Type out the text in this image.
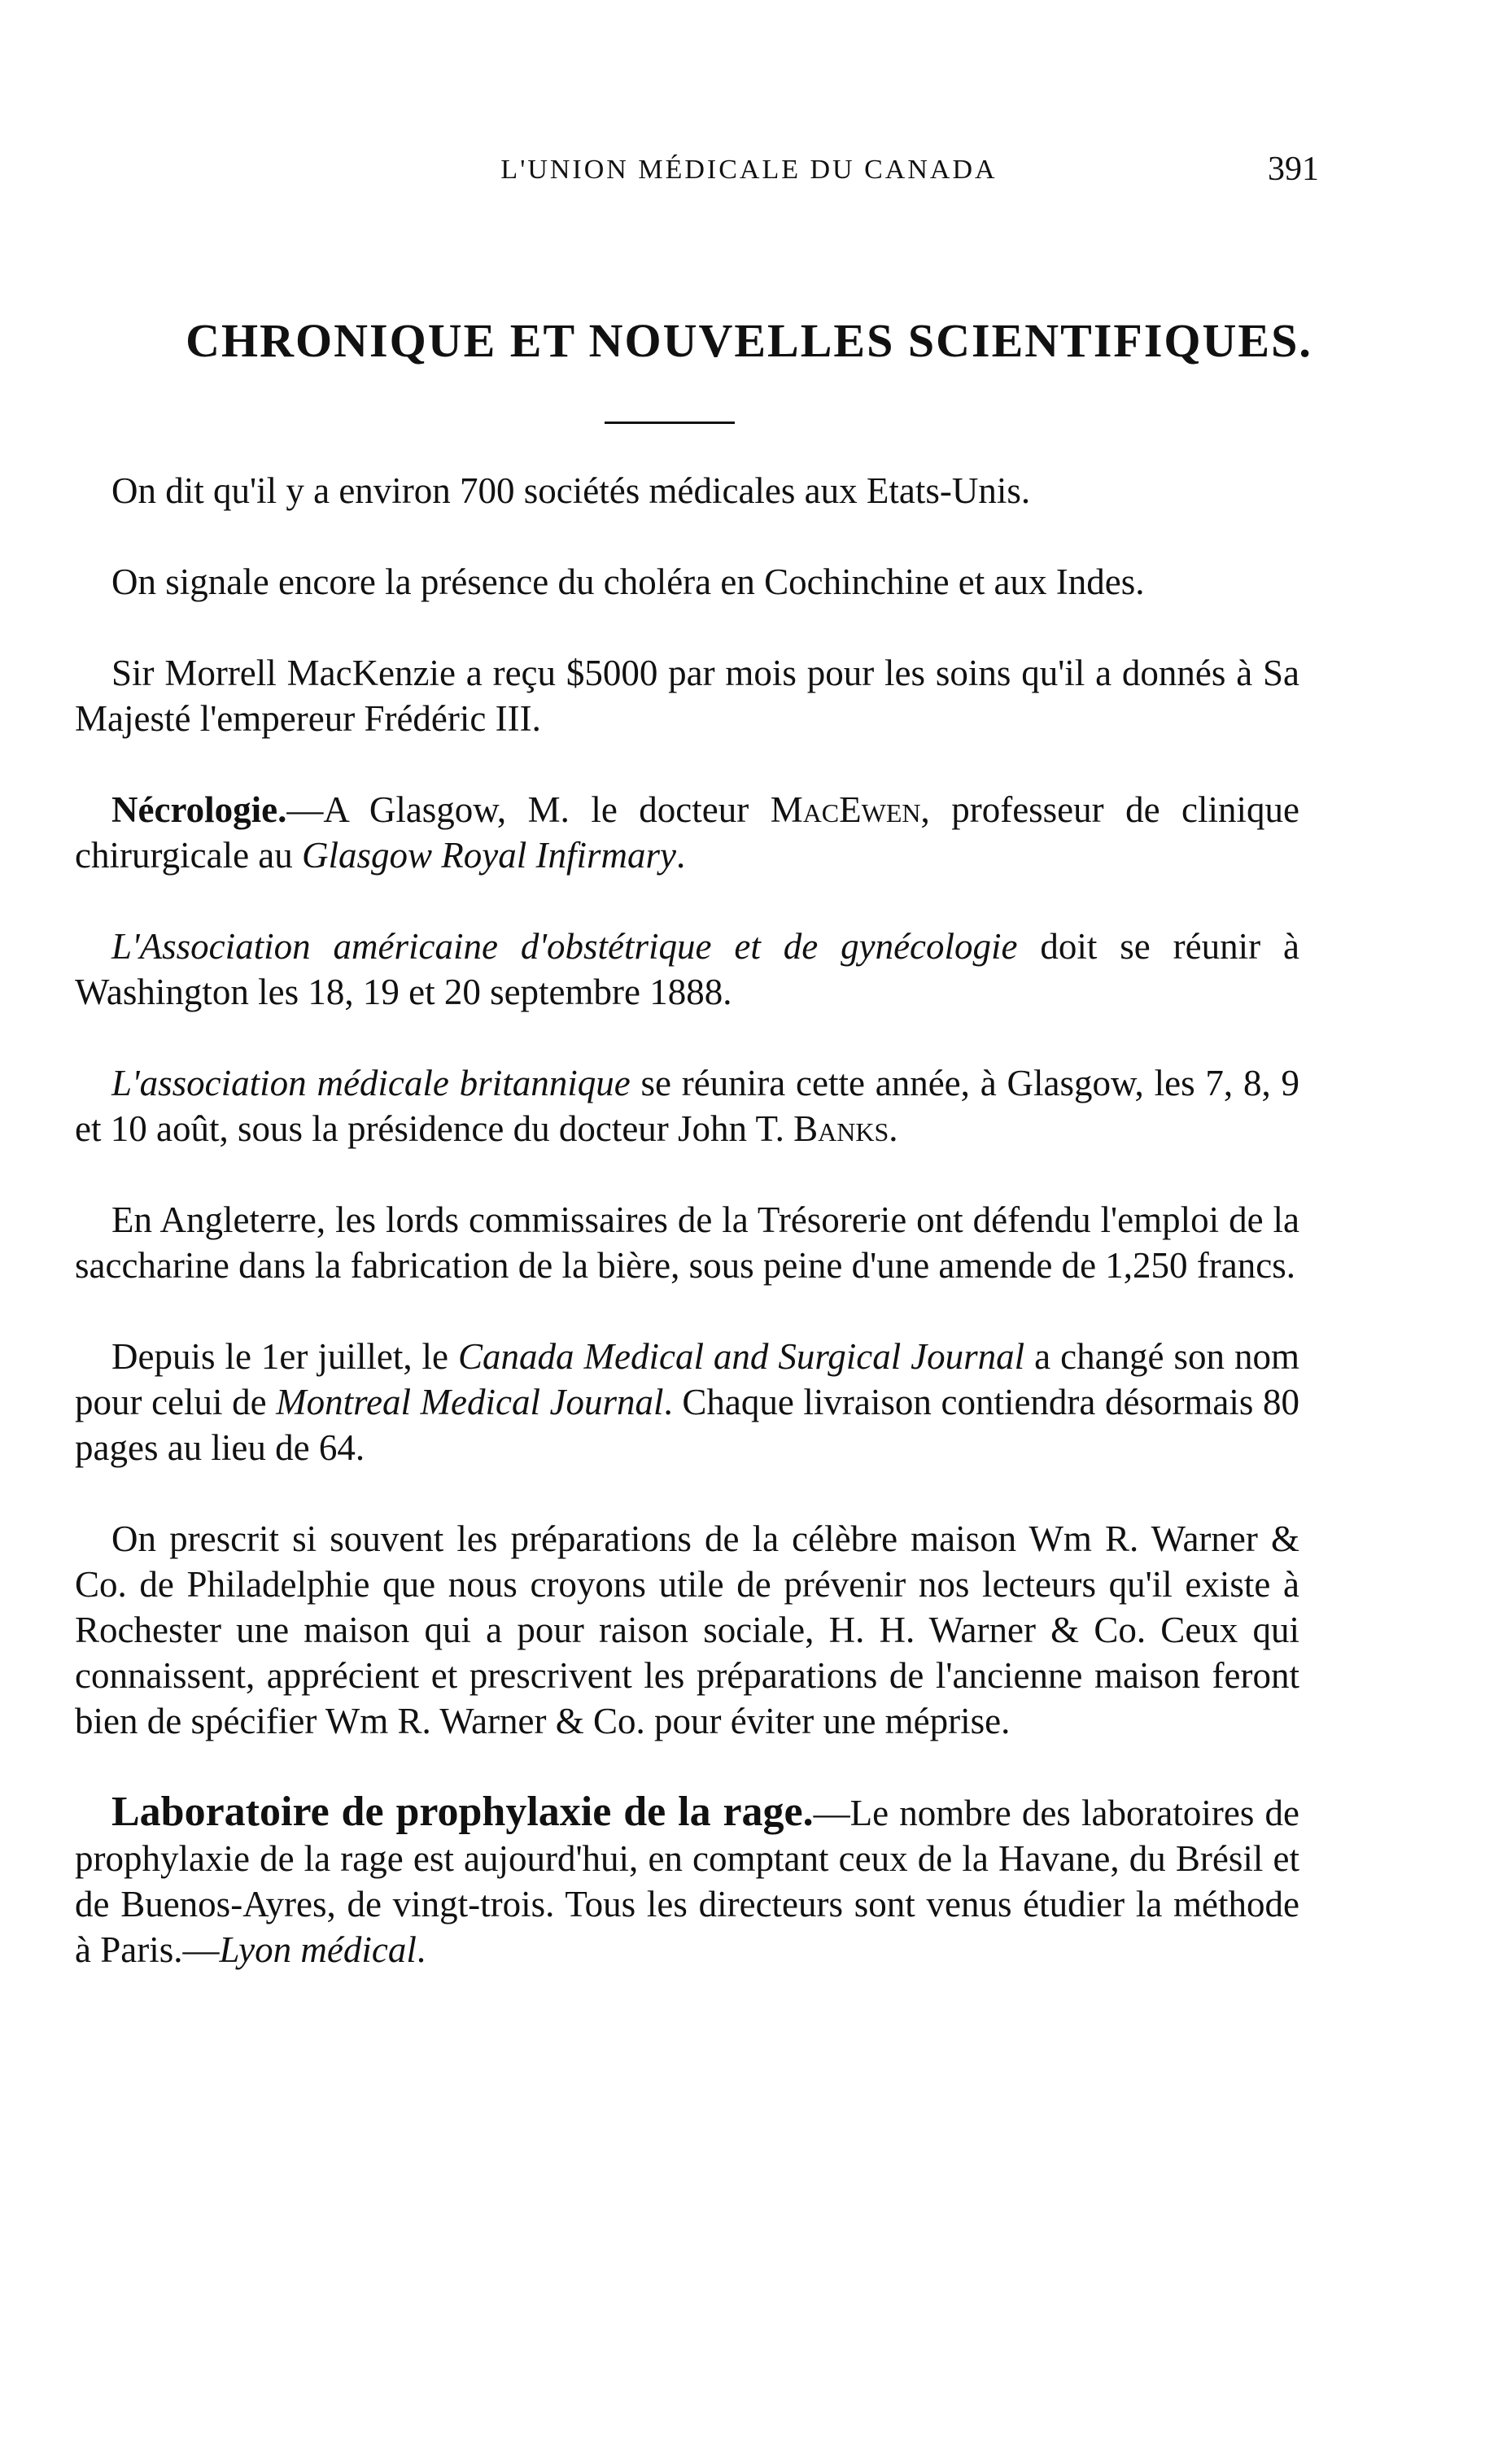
L'UNION MÉDICALE DU CANADA	391
CHRONIQUE ET NOUVELLES SCIENTIFIQUES.

On dit qu'il y a environ 700 sociétés médicales aux Etats-Unis.

On signale encore la présence du choléra en Cochinchine et aux Indes.

Sir Morrell MacKenzie a reçu $5000 par mois pour les soins qu'il a donnés à Sa Majesté l'empereur Frédéric III.

Nécrologie.—A Glasgow, M. le docteur MacEwen, professeur de clinique chirurgicale au Glasgow Royal Infirmary.

L'Association américaine d'obstétrique et de gynécologie doit se réunir à Washington les 18, 19 et 20 septembre 1888.

L'association médicale britannique se réunira cette année, à Glasgow, les 7, 8, 9 et 10 août, sous la présidence du docteur John T. Banks.

En Angleterre, les lords commissaires de la Trésorerie ont défendu l'emploi de la saccharine dans la fabrication de la bière, sous peine d'une amende de 1,250 francs.

Depuis le 1er juillet, le Canada Medical and Surgical Journal a changé son nom pour celui de Montreal Medical Journal. Chaque livraison contiendra désormais 80 pages au lieu de 64.

On prescrit si souvent les préparations de la célèbre maison Wm R. Warner & Co. de Philadelphie que nous croyons utile de prévenir nos lecteurs qu'il existe à Rochester une maison qui a pour raison sociale, H. H. Warner & Co. Ceux qui connaissent, apprécient et prescrivent les préparations de l'ancienne maison feront bien de spécifier Wm R. Warner & Co. pour éviter une méprise.

Laboratoire de prophylaxie de la rage.—Le nombre des laboratoires de prophylaxie de la rage est aujourd'hui, en comptant ceux de la Havane, du Brésil et de Buenos-Ayres, de vingt-trois. Tous les directeurs sont venus étudier la méthode à Paris.—Lyon médical.
